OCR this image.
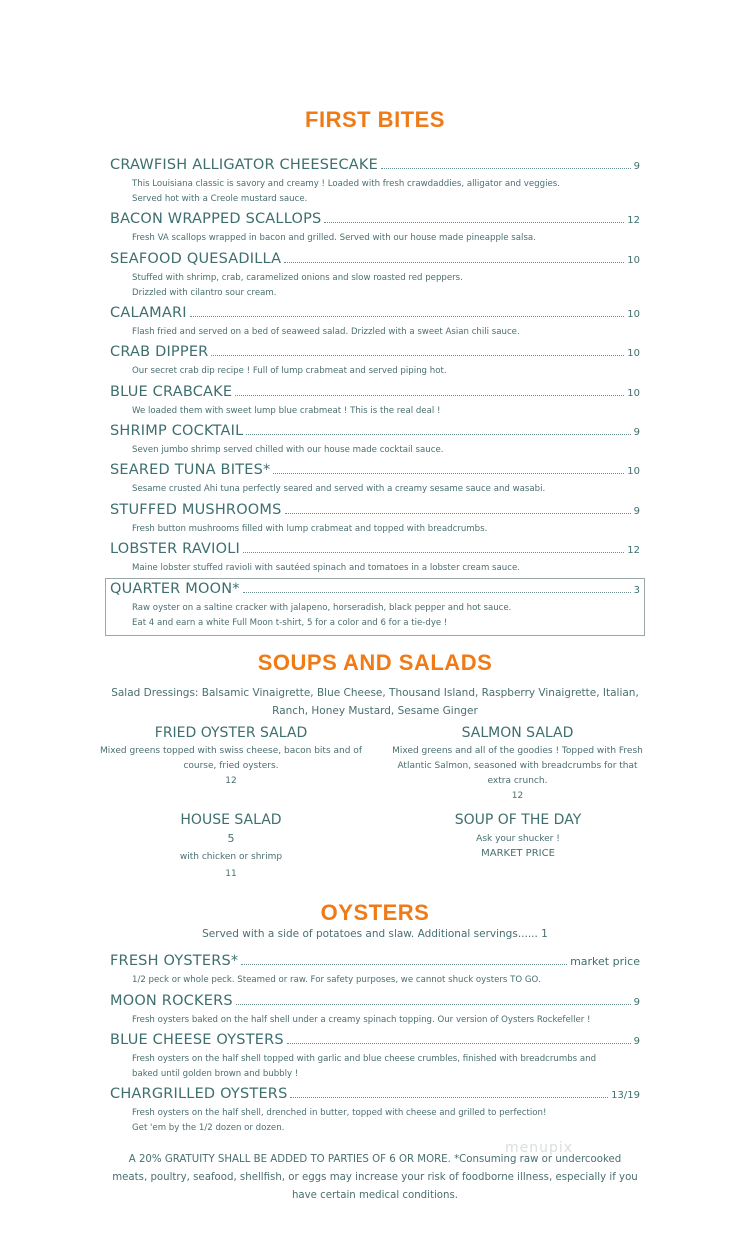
FIRST BITES
SOUPS AND SALADS
OYSTERS
CRAWFISH ALLIGATOR CHEESECAKE	9
This Louisiana classic is savory and creamy ! Loaded with fresh crawdaddies, alligator and veggies.
Served hot with a Creole mustard sauce.
BACON WRAPPED SCALLOPS	12
Fresh VA scallops wrapped in bacon and grilled. Served with our house made pineapple salsa.
SEAFOOD QUESADILLA	10
Stuffed with shrimp, crab, caramelized onions and slow roasted red peppers.
Drizzled with cilantro sour cream.
CALAMARI	10
Flash fried and served on a bed of seaweed salad. Drizzled with a sweet Asian chili sauce.
CRAB DIPPER	10
Our secret crab dip recipe ! Full of lump crabmeat and served piping hot.
BLUE CRABCAKE	10
We loaded them with sweet lump blue crabmeat ! This is the real deal !
SHRIMP COCKTAIL	9
Seven jumbo shrimp served chilled with our house made cocktail sauce.
SEARED TUNA BITES*	10
Sesame crusted Ahi tuna perfectly seared and served with a creamy sesame sauce and wasabi.
STUFFED MUSHROOMS	9
Fresh button mushrooms filled with lump crabmeat and topped with breadcrumbs.
LOBSTER RAVIOLI	12
Maine lobster stuffed ravioli with sautéed spinach and tomatoes in a lobster cream sauce.
QUARTER MOON*	3
Raw oyster on a saltine cracker with jalapeno, horseradish, black pepper and hot sauce.
Eat 4 and earn a white Full Moon t-shirt, 5 for a color and 6 for a tie-dye !
Salad Dressings: Balsamic Vinaigrette, Blue Cheese, Thousand Island, Raspberry Vinaigrette, Italian,
Ranch, Honey Mustard, Sesame Ginger
FRIED OYSTER SALAD
Mixed greens topped with swiss cheese, bacon bits and of
course, fried oysters.
12
SALMON SALAD
Mixed greens and all of the goodies ! Topped with Fresh
Atlantic Salmon, seasoned with breadcrumbs for that
extra crunch.
12
HOUSE SALAD
5
with chicken or shrimp
11
SOUP OF THE DAY
Ask your shucker !
MARKET PRICE
Served with a side of potatoes and slaw. Additional servings...... 1
FRESH OYSTERS*	market price
1/2 peck or whole peck. Steamed or raw. For safety purposes, we cannot shuck oysters TO GO.
MOON ROCKERS	9
Fresh oysters baked on the half shell under a creamy spinach topping. Our version of Oysters Rockefeller !
BLUE CHEESE OYSTERS	9
Fresh oysters on the half shell topped with garlic and blue cheese crumbles, finished with breadcrumbs and
baked until golden brown and bubbly !
CHARGRILLED OYSTERS	13/19
Fresh oysters on the half shell, drenched in butter, topped with cheese and grilled to perfection!
Get 'em by the 1/2 dozen or dozen.
A 20% GRATUITY SHALL BE ADDED TO PARTIES OF 6 OR MORE. *Consuming raw or undercooked
meats, poultry, seafood, shellfish, or eggs may increase your risk of foodborne illness, especially if you
have certain medical conditions.
menupix
